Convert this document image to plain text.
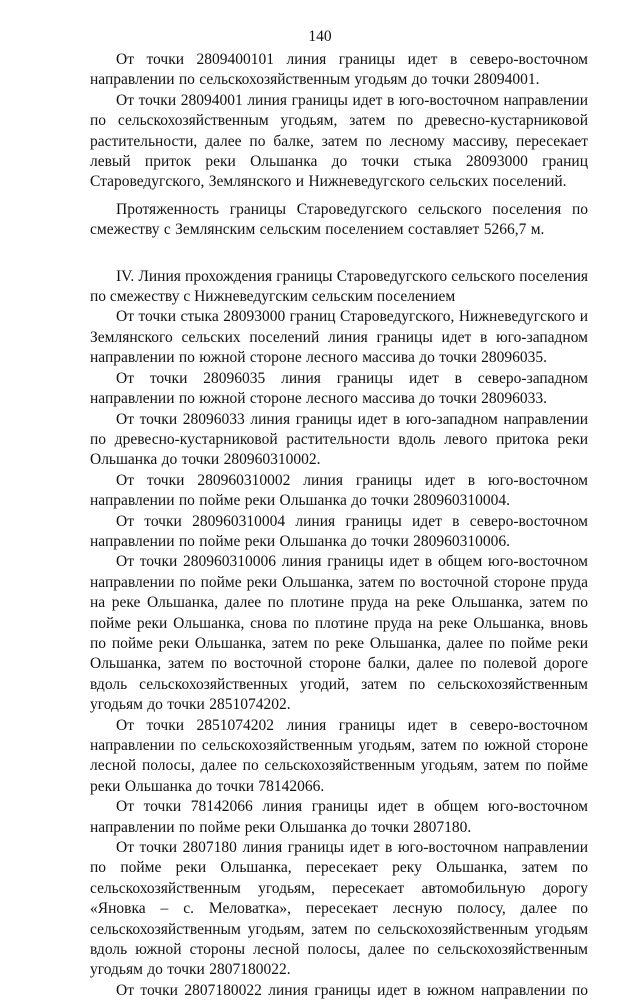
140

От точки 2809400101 линия границы идет в северо-восточном направлении по сельскохозяйственным угодьям до точки 28094001.

От точки 28094001 линия границы идет в юго-восточном направлении по сельскохозяйственным угодьям, затем по древесно-кустарниковой растительности, далее по балке, затем по лесному массиву, пересекает левый приток реки Ольшанка до точки стыка 28093000 границ Староведугского, Землянского и Нижневедугского сельских поселений.

Протяженность границы Староведугского сельского поселения по смежеству с Землянским сельским поселением составляет 5266,7 м.

IV. Линия прохождения границы Староведугского сельского поселения по смежеству с Нижневедугским сельским поселением

От точки стыка 28093000 границ Староведугского, Нижневедугского и Землянского сельских поселений линия границы идет в юго-западном направлении по южной стороне лесного массива до точки 28096035.

От точки 28096035 линия границы идет в северо-западном направлении по южной стороне лесного массива до точки 28096033.

От точки 28096033 линия границы идет в юго-западном направлении по древесно-кустарниковой растительности вдоль левого притока реки Ольшанка до точки 280960310002.

От точки 280960310002 линия границы идет в юго-восточном направлении по пойме реки Ольшанка до точки 280960310004.

От точки 280960310004 линия границы идет в северо-восточном направлении по пойме реки Ольшанка до точки 280960310006.

От точки 280960310006 линия границы идет в общем юго-восточном направлении по пойме реки Ольшанка, затем по восточной стороне пруда на реке Ольшанка, далее по плотине пруда на реке Ольшанка, затем по пойме реки Ольшанка, снова по плотине пруда на реке Ольшанка, вновь по пойме реки Ольшанка, затем по реке Ольшанка, далее по пойме реки Ольшанка, затем по восточной стороне балки, далее по полевой дороге вдоль сельскохозяйственных угодий, затем по сельскохозяйственным угодьям до точки 2851074202.

От точки 2851074202 линия границы идет в северо-восточном направлении по сельскохозяйственным угодьям, затем по южной стороне лесной полосы, далее по сельскохозяйственным угодьям, затем по пойме реки Ольшанка до точки 78142066.

От точки 78142066 линия границы идет в общем юго-восточном направлении по пойме реки Ольшанка до точки 2807180.

От точки 2807180 линия границы идет в юго-восточном направлении по пойме реки Ольшанка, пересекает реку Ольшанка, затем по сельскохозяйственным угодьям, пересекает автомобильную дорогу «Яновка – с. Меловатка», пересекает лесную полосу, далее по сельскохозяйственным угодьям, затем по сельскохозяйственным угодьям вдоль южной стороны лесной полосы, далее по сельскохозяйственным угодьям до точки 2807180022.

От точки 2807180022 линия границы идет в южном направлении по
